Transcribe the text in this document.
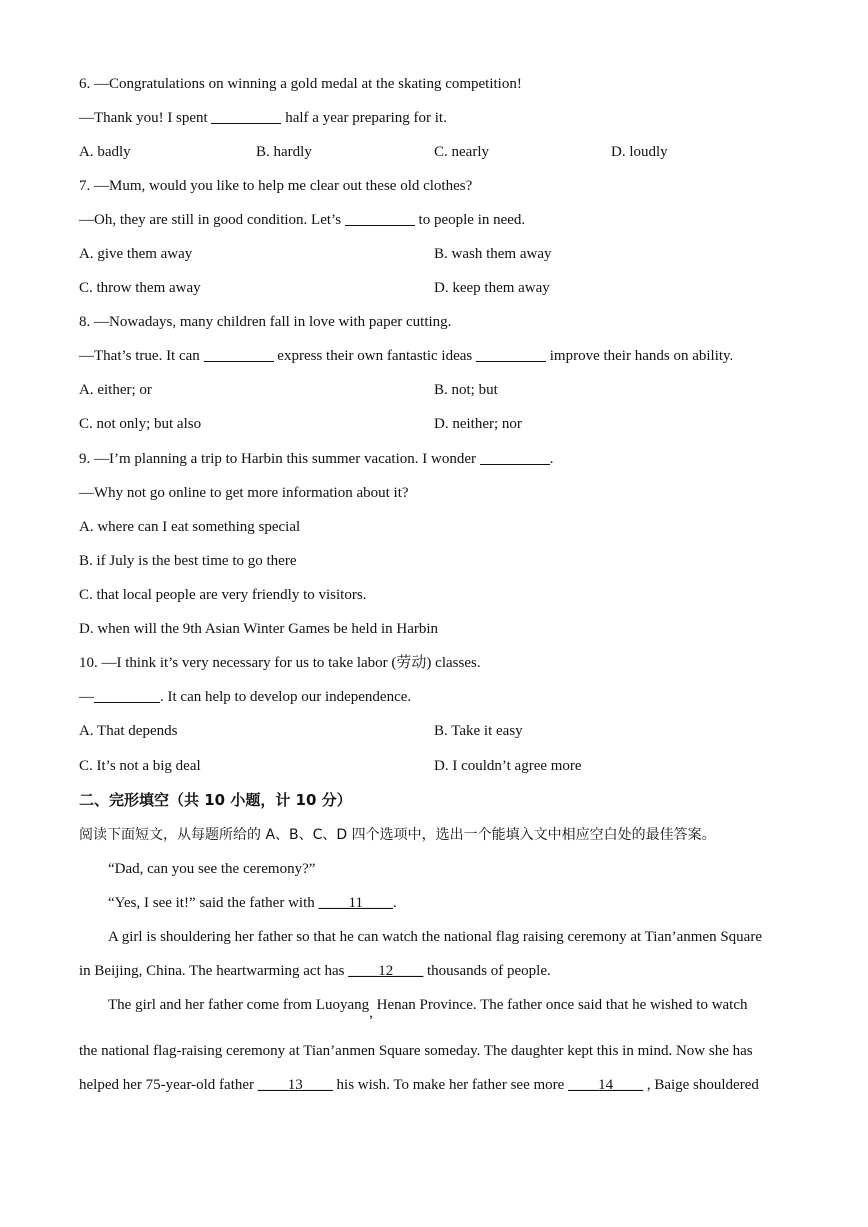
6. —Congratulations on winning a gold medal at the skating competition!
—Thank you! I spent	half a year preparing for it.
A. badly	B. hardly	C. nearly	D. loudly
7. —Mum, would you like to help me clear out these old clothes?
—Oh, they are still in good condition. Let’s	to people in need.
A. give them away	B. wash them away
C. throw them away	D. keep them away
8. —Nowadays, many children fall in love with paper cutting.
—That’s true. It can	express their own fantastic ideas	improve their hands on ability.
A. either; or	B. not; but
C. not only; but also	D. neither; nor
9. —I’m planning a trip to Harbin this summer vacation. I wonder	.
—Why not go online to get more information about it?
A. where can I eat something special
B. if July is the best time to go there
C. that local people are very friendly to visitors.
D. when will the 9th Asian Winter Games be held in Harbin
10. —I think it’s very necessary for us to take labor (劳动) classes.
—	. It can help to develop our independence.
A. That depends	B. Take it easy
C. It’s not a big deal	D. I couldn’t agree more
二、完形填空（共 10 小题，计 10 分）
阅读下面短文，从每题所给的 A、B、C、D 四个选项中，选出一个能填入文中相应空白处的最佳答案。
“Dad, can you see the ceremony?”
“Yes, I see it!” said the father with ____11____.
A girl is shouldering her father so that he can watch the national flag raising ceremony at Tian’anmen Square
in Beijing, China. The heartwarming act has ____12____ thousands of people.
The girl and her father come from Luoyang, Henan Province. The father once said that he wished to watch
the national flag-raising ceremony at Tian’anmen Square someday. The daughter kept this in mind. Now she has
helped her 75-year-old father ____13____ his wish. To make her father see more ____14____ , Baige shouldered
